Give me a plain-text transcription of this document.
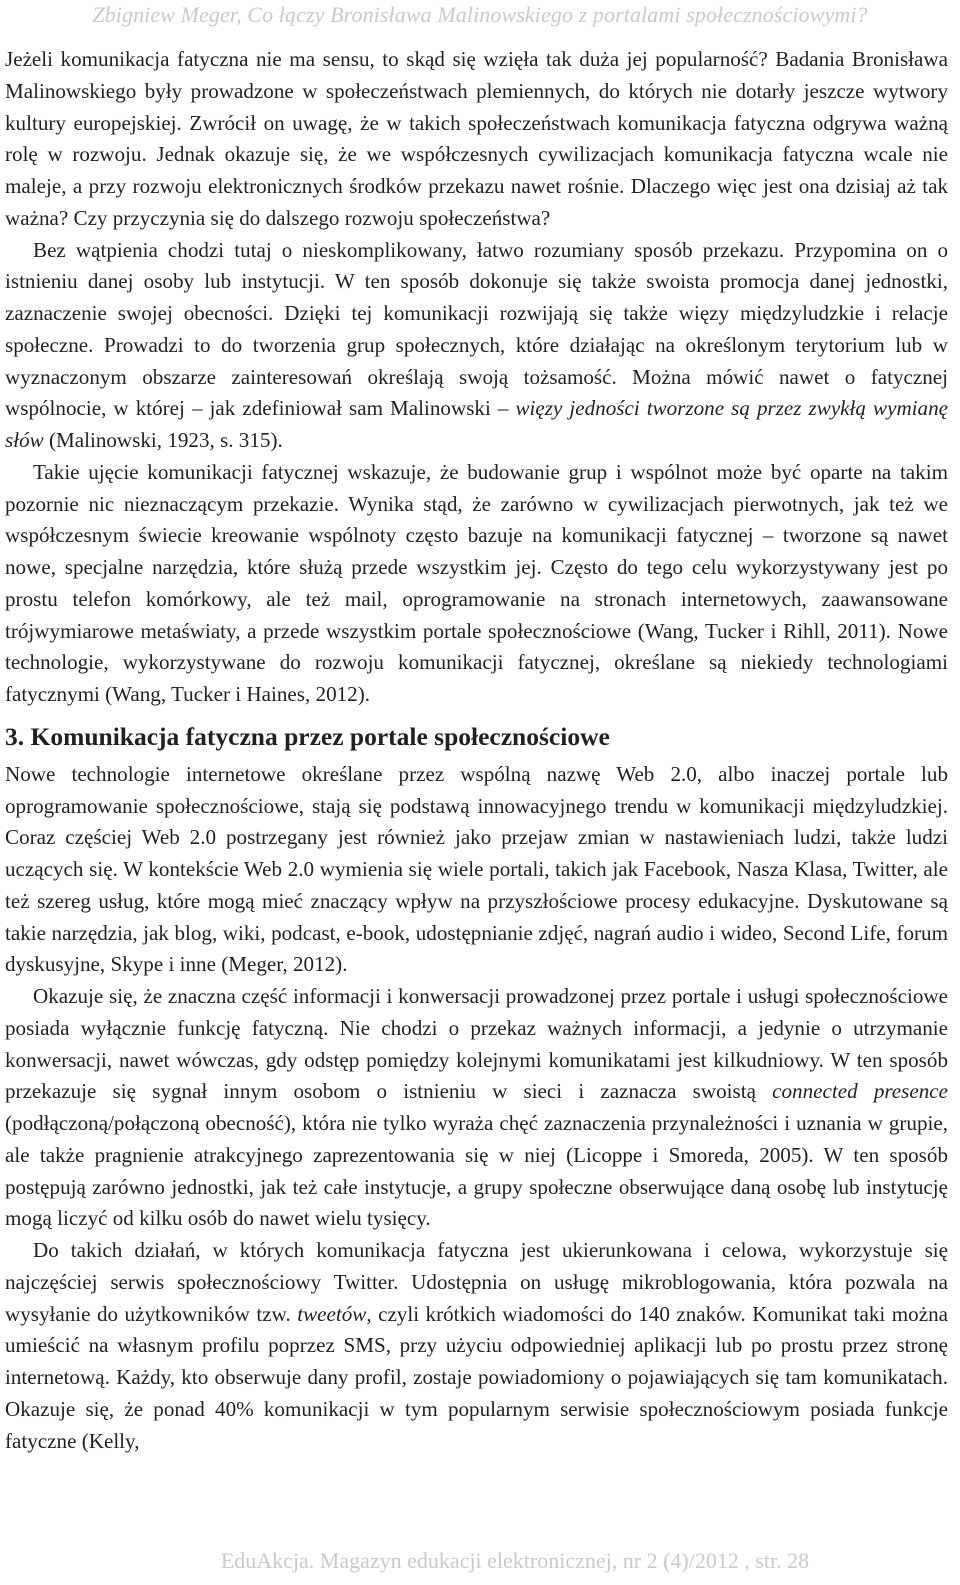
Zbigniew Meger, Co łączy Bronisława Malinowskiego z portalami społecznościowymi?

Jeżeli komunikacja fatyczna nie ma sensu, to skąd się wzięła tak duża jej popularność? Badania Bronisława Malinowskiego były prowadzone w społeczeństwach plemiennych, do których nie dotarły jeszcze wytwory kultury europejskiej. Zwrócił on uwagę, że w takich społeczeństwach komunikacja fatyczna odgrywa ważną rolę w rozwoju. Jednak okazuje się, że we współczesnych cywilizacjach komunikacja fatyczna wcale nie maleje, a przy rozwoju elektronicznych środków przekazu nawet rośnie. Dlaczego więc jest ona dzisiaj aż tak ważna? Czy przyczynia się do dalszego rozwoju społeczeństwa?

Bez wątpienia chodzi tutaj o nieskomplikowany, łatwo rozumiany sposób przekazu. Przypomina on o istnieniu danej osoby lub instytucji. W ten sposób dokonuje się także swoista promocja danej jednostki, zaznaczenie swojej obecności. Dzięki tej komunikacji rozwijają się także więzy międzyludzkie i relacje społeczne. Prowadzi to do tworzenia grup społecznych, które działając na określonym terytorium lub w wyznaczonym obszarze zainteresowań określają swoją tożsamość. Można mówić nawet o fatycznej wspólnocie, w której – jak zdefiniował sam Malinowski – więzy jedności tworzone są przez zwykłą wymianę słów (Malinowski, 1923, s. 315).

Takie ujęcie komunikacji fatycznej wskazuje, że budowanie grup i wspólnot może być oparte na takim pozornie nic nieznaczącym przekazie. Wynika stąd, że zarówno w cywilizacjach pierwotnych, jak też we współczesnym świecie kreowanie wspólnoty często bazuje na komunikacji fatycznej – tworzone są nawet nowe, specjalne narzędzia, które służą przede wszystkim jej. Często do tego celu wykorzystywany jest po prostu telefon komórkowy, ale też mail, oprogramowanie na stronach internetowych, zaawansowane trójwymiarowe metaświaty, a przede wszystkim portale społecznościowe (Wang, Tucker i Rihll, 2011). Nowe technologie, wykorzystywane do rozwoju komunikacji fatycznej, określane są niekiedy technologiami fatycznymi (Wang, Tucker i Haines, 2012).

3. Komunikacja fatyczna przez portale społecznościowe

Nowe technologie internetowe określane przez wspólną nazwę Web 2.0, albo inaczej portale lub oprogramowanie społecznościowe, stają się podstawą innowacyjnego trendu w komunikacji międzyludzkiej. Coraz częściej Web 2.0 postrzegany jest również jako przejaw zmian w nastawieniach ludzi, także ludzi uczących się. W kontekście Web 2.0 wymienia się wiele portali, takich jak Facebook, Nasza Klasa, Twitter, ale też szereg usług, które mogą mieć znaczący wpływ na przyszłościowe procesy edukacyjne. Dyskutowane są takie narzędzia, jak blog, wiki, podcast, e-book, udostępnianie zdjęć, nagrań audio i wideo, Second Life, forum dyskusyjne, Skype i inne (Meger, 2012).

Okazuje się, że znaczna część informacji i konwersacji prowadzonej przez portale i usługi społecznościowe posiada wyłącznie funkcję fatyczną. Nie chodzi o przekaz ważnych informacji, a jedynie o utrzymanie konwersacji, nawet wówczas, gdy odstęp pomiędzy kolejnymi komunikatami jest kilkudniowy. W ten sposób przekazuje się sygnał innym osobom o istnieniu w sieci i zaznacza swoistą connected presence (podłączoną/połączoną obecność), która nie tylko wyraża chęć zaznaczenia przynależności i uznania w grupie, ale także pragnienie atrakcyjnego zaprezentowania się w niej (Licoppe i Smoreda, 2005). W ten sposób postępują zarówno jednostki, jak też całe instytucje, a grupy społeczne obserwujące daną osobę lub instytucję mogą liczyć od kilku osób do nawet wielu tysięcy.

Do takich działań, w których komunikacja fatyczna jest ukierunkowana i celowa, wykorzystuje się najczęściej serwis społecznościowy Twitter. Udostępnia on usługę mikroblogowania, która pozwala na wysyłanie do użytkowników tzw. tweetów, czyli krótkich wiadomości do 140 znaków. Komunikat taki można umieścić na własnym profilu poprzez SMS, przy użyciu odpowiedniej aplikacji lub po prostu przez stronę internetową. Każdy, kto obserwuje dany profil, zostaje powiadomiony o pojawiających się tam komunikatach. Okazuje się, że ponad 40% komunikacji w tym popularnym serwisie społecznościowym posiada funkcje fatyczne (Kelly,

EduAkcja. Magazyn edukacji elektronicznej, nr 2 (4)/2012 , str. 28
